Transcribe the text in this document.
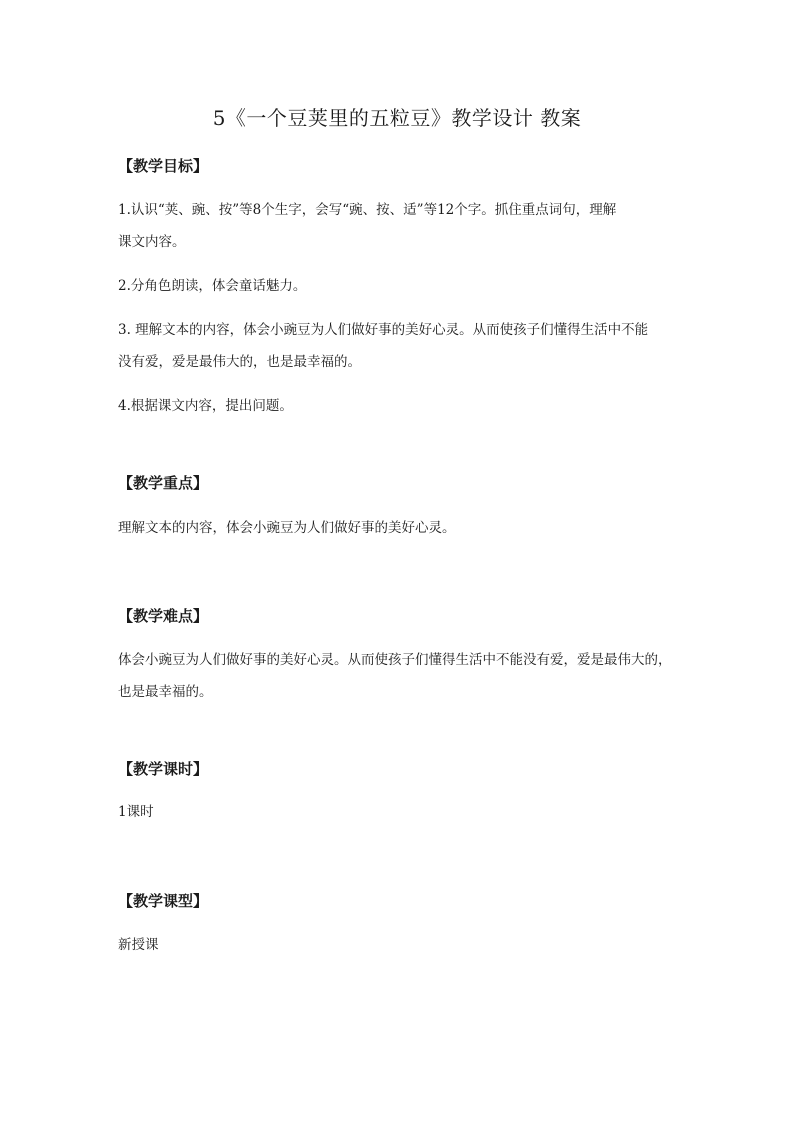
5《一个豆荚里的五粒豆》教学设计 教案
【教学目标】
1.认识“荚、豌、按”等8个生字，会写“豌、按、适”等12个字。抓住重点词句，理解
课文内容。
2.分角色朗读，体会童话魅力。
3. 理解文本的内容，体会小豌豆为人们做好事的美好心灵。从而使孩子们懂得生活中不能
没有爱，爱是最伟大的，也是最幸福的。
4.根据课文内容，提出问题。
【教学重点】
理解文本的内容，体会小豌豆为人们做好事的美好心灵。
【教学难点】
体会小豌豆为人们做好事的美好心灵。从而使孩子们懂得生活中不能没有爱，爱是最伟大的，
也是最幸福的。
【教学课时】
1课时
【教学课型】
新授课
